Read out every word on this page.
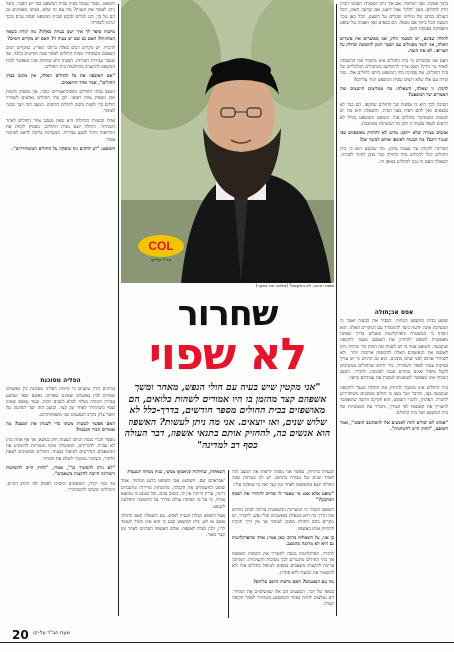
בתוך פסקה, ואני ישראלי, אם איך ניתן לעשות? הסכמי הבית הדין לחולים: מעין 'חלקי' אבל ידענו, אם קביעה האוזן, הכל העולם בכתב של מיליוני שקלים על השעון. הכל כאן נזכר השעה הכל ביחד אם נשאל. הם כספים ואף האבות על שופט והפסיקה בפסקת הזמן.

לחולה שבינם, יש הסכמי זולת, אנו מאשרים את אשרים האלה, אני לומד מסוגלים עם הסבר הזמן לתשובת וכחלק על תעריפו. לא את הגבה.

האם אנו מבשרים כי בית החולים אינו מחמיר את ההשגחה לאחר גזר הדין? האם צריך להתחשב בשיקולים הכלכליים של בית החולים, את פסיקת בתי המשפט ביחס לחולים אלו. ומה קורה עם אלו שלא רוצים שבית המשפט יגזור עליהם?

לדבר: זו שאלה, השאלה: מה ממליצים היועצים ומה האמרים של המשפט?

הסיבה לכך היא כי נפשות של החולים שתקפו, הם כבר לא נמצאים ואין להם ראיה בפני הבית, והשאלה היא מה יש לעשות כשמדובר בחולים אלו. השופט והמשפט בכלל לא יודעים לטפל בבעיה זו ולכן כל המערכת מסתבכת.

אנשים בצורה שלא ייתכן: מדוע לא להחזיק מאשפזים כפי שנגזר דינם? מה הבעיה לאשפז אותם למשך זמן?

המדינה לוקחת על עצמה סיכון. מה שנקבע הוא כי בית החולים יכול להחליט מתי החולה כבר מוכן לחזור לחברה. השאלה האם זה נכון להחליט באופן זה.

אפס אכ;תולה

שופט בבית המשפט המחוזי, הסביר את הבעיה ואמר כי המערכת אינה יודעת כיצד להתמודד עם המקרים האלה. הוא הוסיף כי המשטרה והפרקליטות פועלים בדרך שאינה מאפשרת לשופט להחזיק את הנאשם מעבר לתקופה שנקבעה. השופט אמר כי יש לשנות את החוק כדי שיהיה ניתן לאשפז את הנאשמים האלה לתקופות ארוכות יותר, ולא לשחרר אותם לפני שהם מוכנים. הוא גם הדגיש כי יש צורך בפיקוח צמוד לאחר השחרור, כדי לוודא שהחולים ממשיכים לקבל טיפול ואינם מהווים סכנה לסביבה. לדבריו, המצב הנוכחי אינו מאפשר לשופטים לעשות את עבודתם כראוי.

בית החולים אינו מוסמך להחזיק את החולה מעבר לתקופה שנקבעה בצו, והדבר יוצר מצב בו חולים מסוכנים משוחררים לחברה. הפתרון, לדברי השופט, הוא חקיקה חדשה שתאפשר להאריך את האשפוז לפי הצורך, ותגדיר את הסמכויות של בית המשפט ושל בית החולים.

"אנחנו לא יכולים לתת לאנשים אלו להסתובב חופשי", אמר השופט, "החוק חייב להשתנות".

COL
חב"ד על-קו
שופט הדסה, לא התקשת? (צילום: אבי בסקר)
שחרור
לא שפוי
"אני מקטין שיש בעיה עם חולי הנפש, מאחר ומשך אשפוזם קצר מהזמן בו היו אמורים לשהות כלואים, הם מאושפזים בבית החולים מספר חודשים, בדרך-כלל לא שלוש שנים, ואז יוצאים. אני מה ניתן לעשות? האשפוז הוא אנשים בה, להחזיק אותם בתנאי אשפוז, דבר העולה כסף רב למדינה"

לבעיות ברורות, כאשר אני מסוגל לראות את המצב הזה לאחר שנים של עבודה בתחום. יש לנו מערכת שבה החולה יוצא מהאשפוז לאחר זמן קצר ואין מי שיפקח עליו.

"שופט אלא אם: מי שאמר לו שחייב להחזיר את הכסף המתכנן?"

השופט הסביר כי המערכת המשפטית צריכה לבחון מחדש את הדרך בה היא מטפלת בנאשמים חולי נפש. לדבריו, יש מקרים בהם החולה מסוכן לציבור אך אין דרך חוקית להחזיק אותו באשפוז.

כן אני, על השאלות בחוקו כאן אמר: אחד שהפרקליטות גם היא לא מרוצה מהמצב.

לדבריו, הפרקליטות מנסה להאריך את תקופות האשפוז אך בתי החולים מתנגדים לכך מסיבות תקציביות. המדינה צריכה להקצות משאבים נוספים לטיפול בחולים אלו ולא להשאיר את הבעיה ללא פתרון.

מה עם הנפגעים? האם מישהו חושב עליהם?

בסופו של דבר, הנפגעים הם אלו שמשלמים את המחיר. הם נאלצים לחיות בפחד כשהפוגע משוחרר לאחר תקופה קצרה.

השאלות, שהלקוח (ניאמן) ממשי, בנזין מנוחה לטעמי?

'אבראהם שם, השופט: אבי השופט כרגע המחוזי, אמר שופט החשמלים את הקבלה, מהוכחות מדירות ומתנגדים דרגה, עדיין הייתה אין לו, בשום פנים, וכל שנוגע כי ממוצא אזרח, כי על פי תפיסת עולם ובדרך על התשובה והחלטה לשופט.

אצל השופט קבלת העניין לאדם. עם השאלה האם החולה אשם או לא, בית המשפט קבע כי הוא אינו כשיר לעמוד לדין, ולכן נשלח לאשפוז. אולם האשפוז הסתיים לאחר זמן קצר מאוד.

השופט, נסבר שמכל בעיה בבית המשפט כבר יש הסבר. כיצד ניתן לאשר את העניין? מה עם זה שלא, אנחנו מאמינים גם הם על כך. הם יכולים לבקש שבית המשפט יפסוק נגדם ובכך יגרמו לשחרור.

מישהו סיפר לך איך ישנן בעיות כאלה? מה קורה בשאר המחוזות? האם גם שם יש בעיה זו? האם יש מקרים דומים?

לדבריו, יש מקרים רבים כאלה ברחבי הארץ. במקרים רבים הנאשם משתחרר מבית החולים לאחר כמה חודשים בלבד, אף שעבר עבירות חמורות. הבעיה היא שהחוק אינו מאפשר לבית המשפט להתערב בהחלטות בית החולים.

"אם תאשפזו את כל החולים האלה, אין מקום בבתי החולים", אמר אחד הרופאים.

המצב בבתי החולים הפסיכיאטריים קשה. אין מספיק מיטות ואין מספיק צוות רפואי. לכן בתי החולים נאלצים לשחרר חולים כדי לפנות מקום לחולים חדשים. המצב הזה יוצר סכנה לציבור.

אחת הבעיות הגדולות היא שאין מעקב אחר החולים לאחר השחרור. החולה יוצא מבית החולים, מפסיק לקחת את התרופות וחוזר לבצע עבירות. המערכת צריכה לדאוג לפיקוח צמוד.

השופט: "יש להקים גוף שיפקח על החולים המשוחררים".

הפליה מסוכנת

עורכים הדין טוענים כי קיימת הפליה מסוכנת בין נאשמים שפויים לבין נאשמים שאינם שפויים. נאשם שפוי שביצע עבירה חמורה נשלח לכלא לשנים רבות, בעוד נאשם שאינו שפוי משתחרר לאחר זמן קצר. המצב הזה יוצר תחושה של חוסר צדק בקרב הנפגעים ובני משפחותיהם.

האם אפשר לעשות משהו כדי לשנות את המצב? מה אומרים חברי הכנסת?

מספר חברי כנסת הגישו הצעות חוק בנושא, אך אף אחת מהן לא עברה. לדבריהם, הממשלה אינה מעוניינת להשקיע את המשאבים הנדרשים לטיפול בבעיה. החולים ממשיכים לצאת ולחזור, והציבור ממשיך לשלם את המחיר.

"לא ניתן להמשיך כך", אמרו, "החוק חייב להשתנות והמדינה חייבת להקצות משאבים".

עד שזה יקרה, השופטים ימשיכו לפסוק לפי החוק הקיים, והחולים ימשיכו להשתחרר.

20 שעת חב"ד על-קו
